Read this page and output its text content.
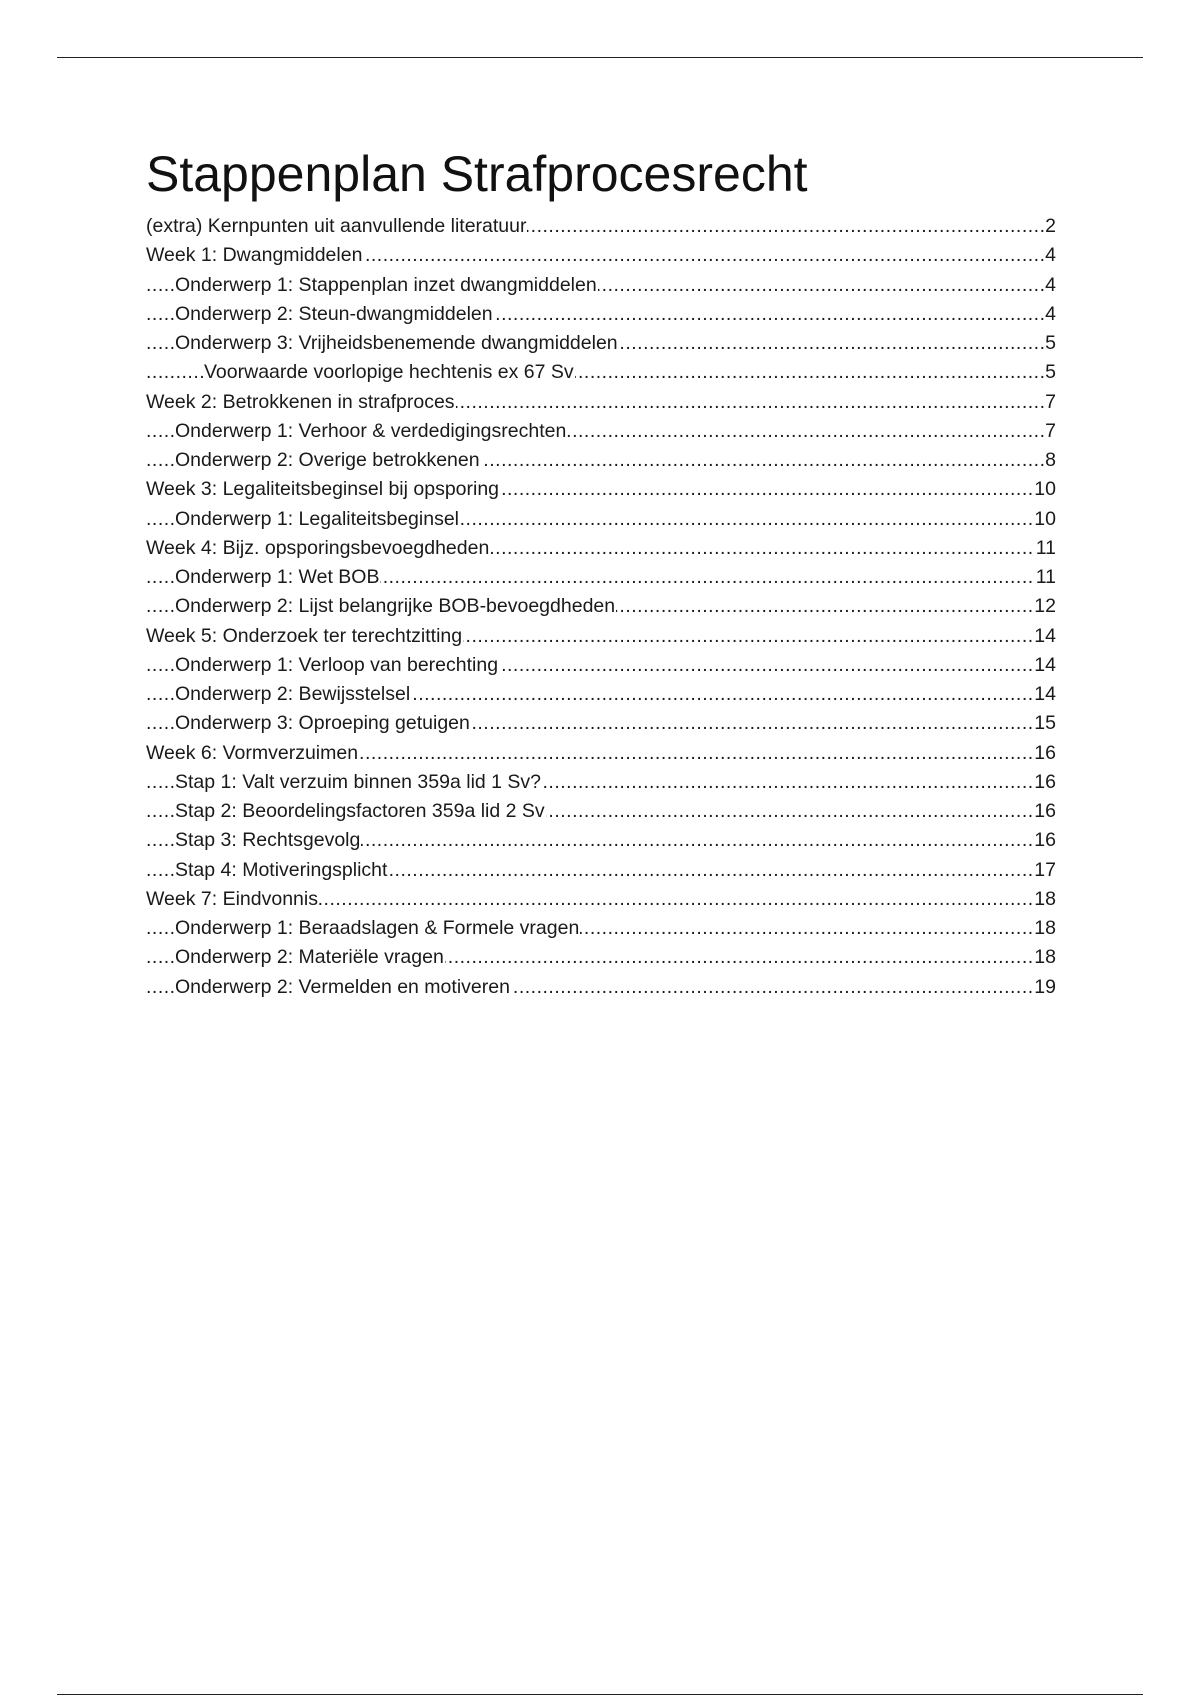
Stappenplan Strafprocesrecht
.....
(extra) Kernpunten uit aanvullende literatuur	2
.....
Week 1: Dwangmiddelen	4
.....
Onderwerp 1: Stappenplan inzet dwangmiddelen	4
.....
Onderwerp 2: Steun-dwangmiddelen	4
.....
Onderwerp 3: Vrijheidsbenemende dwangmiddelen	5
.....
Voorwaarde voorlopige hechtenis ex 67 Sv	5
.....
Week 2: Betrokkenen in strafproces	7
.....
Onderwerp 1: Verhoor & verdedigingsrechten	7
.....
Onderwerp 2: Overige betrokkenen	8
.....
Week 3: Legaliteitsbeginsel bij opsporing	10
.....
Onderwerp 1: Legaliteitsbeginsel	10
.....
Week 4: Bijz. opsporingsbevoegdheden	11
.....
Onderwerp 1: Wet BOB	11
.....
Onderwerp 2: Lijst belangrijke BOB-bevoegdheden	12
.....
Week 5: Onderzoek ter terechtzitting	14
.....
Onderwerp 1: Verloop van berechting	14
.....
Onderwerp 2: Bewijsstelsel	14
.....
Onderwerp 3: Oproeping getuigen	15
.....
Week 6: Vormverzuimen	16
.....
Stap 1: Valt verzuim binnen 359a lid 1 Sv?	16
.....
Stap 2: Beoordelingsfactoren 359a lid 2 Sv	16
.....
Stap 3: Rechtsgevolg	16
.....
Stap 4: Motiveringsplicht	17
.....
Week 7: Eindvonnis	18
.....
Onderwerp 1: Beraadslagen & Formele vragen	18
.....
Onderwerp 2: Materiële vragen	18
.....
Onderwerp 2: Vermelden en motiveren	19
